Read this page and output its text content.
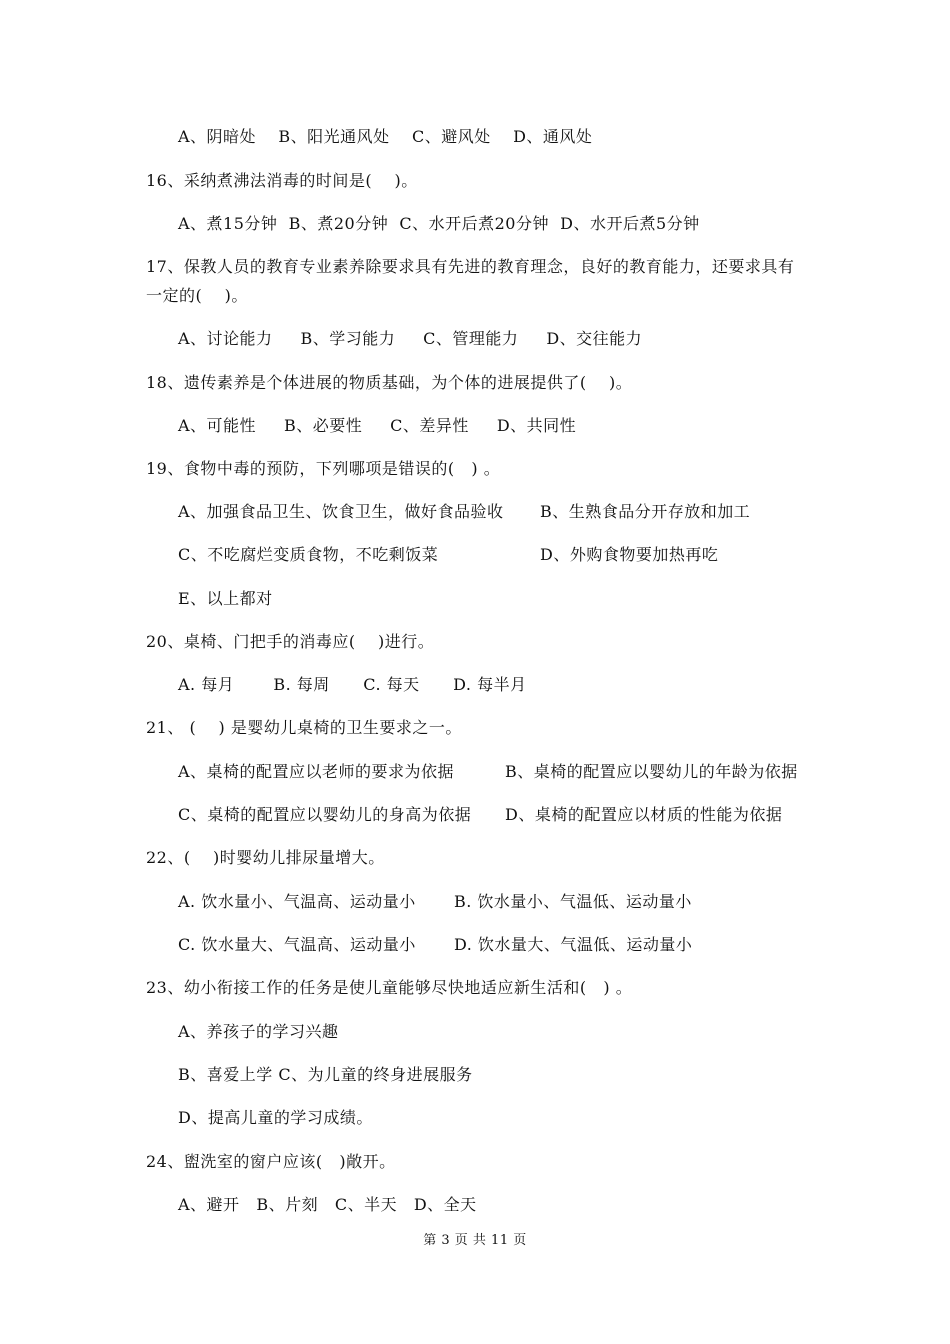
A、阴暗处    B、阳光通风处    C、避风处    D、通风处
16、采纳煮沸法消毒的时间是(    )。
A、煮15分钟  B、煮20分钟  C、水开后煮20分钟  D、水开后煮5分钟
17、保教人员的教育专业素养除要求具有先进的教育理念，良好的教育能力，还要求具有
一定的(    )。
A、讨论能力     B、学习能力     C、管理能力     D、交往能力
18、遗传素养是个体进展的物质基础，为个体的进展提供了(    )。
A、可能性     B、必要性     C、差异性     D、共同性
19、食物中毒的预防，下列哪项是错误的(   ) 。
A、加强食品卫生、饮食卫生，做好食品验收 B、生熟食品分开存放和加工
C、不吃腐烂变质食物，不吃剩饭菜	D、外购食物要加热再吃
E、以上都对
20、桌椅、门把手的消毒应(    )进行。
A. 每月       B. 每周      C. 每天      D. 每半月
21、 (    ) 是婴幼儿桌椅的卫生要求之一。
A、桌椅的配置应以老师的要求为依据	B、桌椅的配置应以婴幼儿的年龄为依据
C、桌椅的配置应以婴幼儿的身高为依据 D、桌椅的配置应以材质的性能为依据
22、(    )时婴幼儿排尿量增大。
A. 饮水量小、气温高、运动量小 B. 饮水量小、气温低、运动量小
C. 饮水量大、气温高、运动量小 D. 饮水量大、气温低、运动量小
23、幼小衔接工作的任务是使儿童能够尽快地适应新生活和(   ) 。
A、养孩子的学习兴趣
B、喜爱上学 C、为儿童的终身进展服务
D、提高儿童的学习成绩。
24、盥洗室的窗户应该(   )敞开。
A、避开   B、片刻   C、半天   D、全天
第 3 页 共 11 页
